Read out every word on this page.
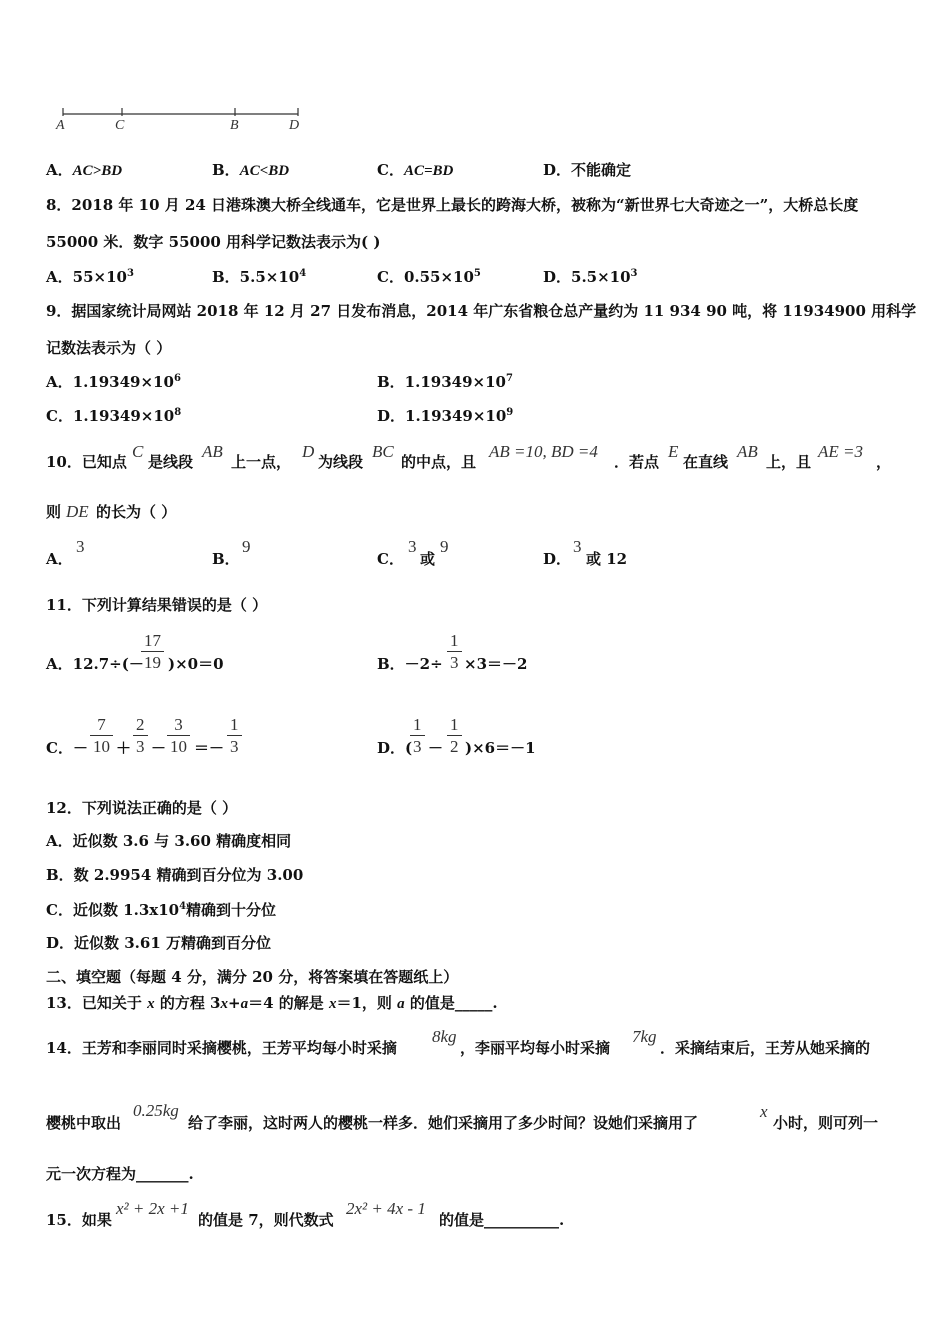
A	C	B	D
A．AC>BD	B．AC<BD	C．AC=BD	D．不能确定
8．2018 年 10 月 24 日港珠澳大桥全线通车，它是世界上最长的跨海大桥，被称为“新世界七大奇迹之一”，大桥总长度
55000 米．数字 55000 用科学记数法表示为( )
A．$55\times 10^3$	B．$5.5\times 10^4$	C．$0.55\times 10^5$	D．$5.5\times 10^3$
9．据国家统计局网站 2018 年 12 月 27 日发布消息，2014 年广东省粮仓总产量约为 11 934 90 吨，将 11934900 用科学
记数法表示为（ ）
A．$1.19349\times 10^6$	B．$1.19349\times 10^7$
C．$1.19349\times 10^8$	D．$1.19349\times 10^9$
10．已知点
C
是线段
AB
上一点，
D
为线段
BC
的中点，且
AB =10, BD =4
．若点
E
在直线
AB
上，且
AE =3
，
则 DE 的长为（ ）
A．
3
B．
9
C．
3
或
9
D．
3
或 12
11．下列计算结果错误的是（ ）
A．12.7÷(－
17
19 )×0＝0	B．－2÷
1
3 ×3＝－2
C．－
7
10 ＋
2
3 －
3
10 ＝－
1
3	D．(
1
3 －
1
2 )×6＝－1
12．下列说法正确的是（ ）
A．近似数 3.6 与 3.60 精确度相同
B．数 2.9954 精确到百分位为 3.00
C．近似数 $1.3x10^4$精确到十分位
D．近似数 3.61 万精确到百分位
二、填空题（每题 4 分，满分 20 分，将答案填在答题纸上）
13．已知关于 x 的方程 3x+a＝4 的解是 x＝1，则 a 的值是_____.
14．王芳和李丽同时采摘樱桃，王芳平均每小时采摘
8kg
，李丽平均每小时采摘
7kg
．采摘结束后，王芳从她采摘的
樱桃中取出
0.25kg
给了李丽，这时两人的樱桃一样多．她们采摘用了多少时间？设她们采摘用了
x
小时，则可列一
元一次方程为_______.
15．如果
x² + 2x +1
的值是 7，则代数式
2x² + 4x - 1
的值是__________.
